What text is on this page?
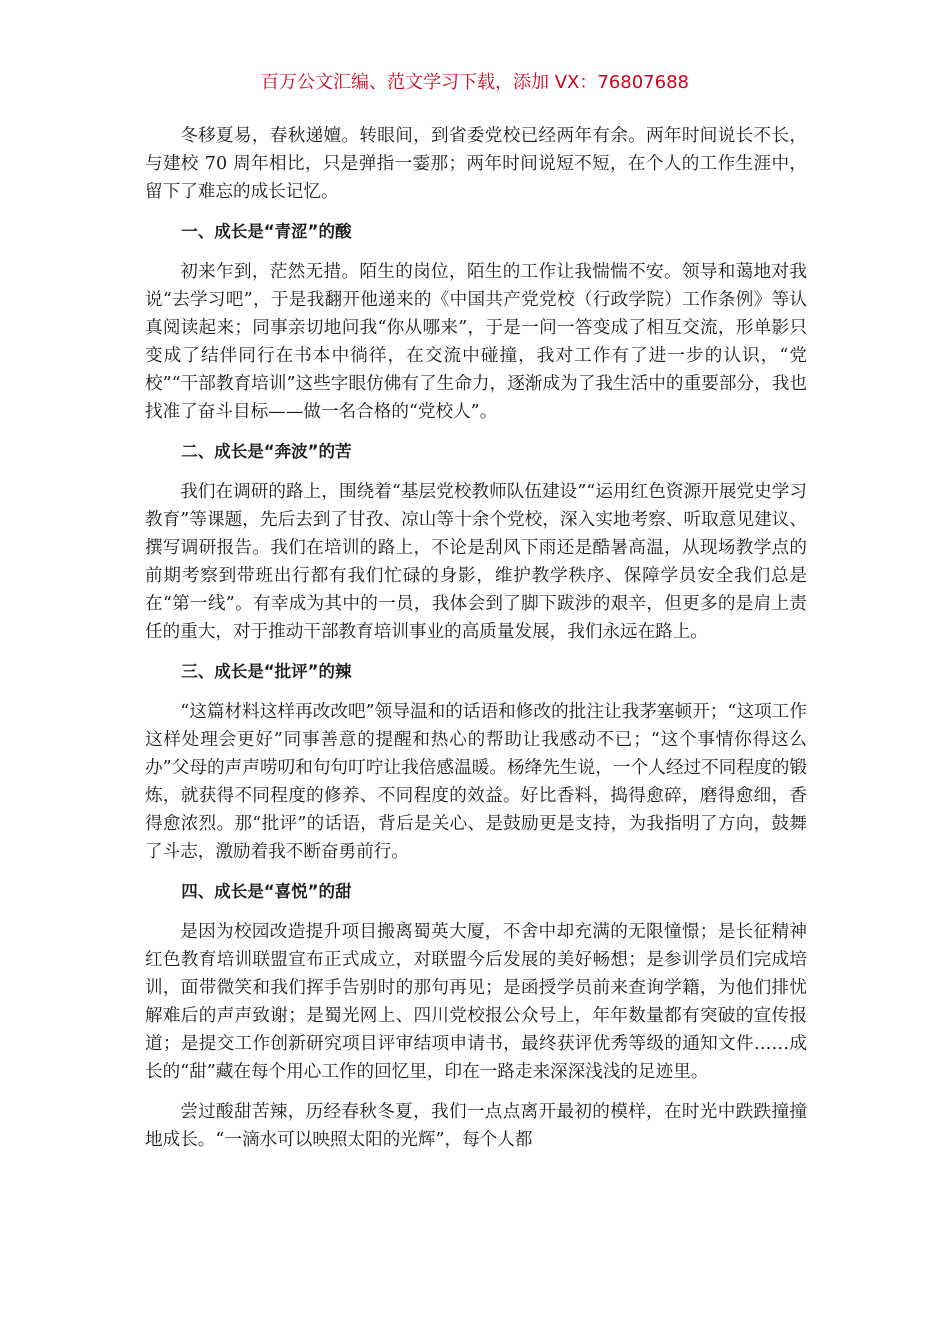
百万公文汇编、范文学习下载，添加 VX：76807688

冬移夏易，春秋递嬗。转眼间，到省委党校已经两年有余。两年时间说长不长，与建校 70 周年相比，只是弹指一霎那；两年时间说短不短，在个人的工作生涯中，留下了难忘的成长记忆。

一、成长是“青涩”的酸

初来乍到，茫然无措。陌生的岗位，陌生的工作让我惴惴不安。领导和蔼地对我说“去学习吧”，于是我翻开他递来的《中国共产党党校（行政学院）工作条例》等认真阅读起来；同事亲切地问我“你从哪来”，于是一问一答变成了相互交流，形单影只变成了结伴同行在书本中徜徉，在交流中碰撞，我对工作有了进一步的认识，“党校”“干部教育培训”这些字眼仿佛有了生命力，逐渐成为了我生活中的重要部分，我也找准了奋斗目标——做一名合格的“党校人”。

二、成长是“奔波”的苦

我们在调研的路上，围绕着“基层党校教师队伍建设”“运用红色资源开展党史学习教育”等课题，先后去到了甘孜、凉山等十余个党校，深入实地考察、听取意见建议、撰写调研报告。我们在培训的路上，不论是刮风下雨还是酷暑高温，从现场教学点的前期考察到带班出行都有我们忙碌的身影，维护教学秩序、保障学员安全我们总是在“第一线”。有幸成为其中的一员，我体会到了脚下跋涉的艰辛，但更多的是肩上责任的重大，对于推动干部教育培训事业的高质量发展，我们永远在路上。

三、成长是“批评”的辣

“这篇材料这样再改改吧”领导温和的话语和修改的批注让我茅塞顿开；“这项工作这样处理会更好”同事善意的提醒和热心的帮助让我感动不已；“这个事情你得这么办”父母的声声唠叨和句句叮咛让我倍感温暖。杨绛先生说，一个人经过不同程度的锻炼，就获得不同程度的修养、不同程度的效益。好比香料，捣得愈碎，磨得愈细，香得愈浓烈。那“批评”的话语，背后是关心、是鼓励更是支持，为我指明了方向，鼓舞了斗志，激励着我不断奋勇前行。

四、成长是“喜悦”的甜

是因为校园改造提升项目搬离蜀英大厦，不舍中却充满的无限憧憬；是长征精神红色教育培训联盟宣布正式成立，对联盟今后发展的美好畅想；是参训学员们完成培训，面带微笑和我们挥手告别时的那句再见；是函授学员前来查询学籍，为他们排忧解难后的声声致谢；是蜀光网上、四川党校报公众号上，年年数量都有突破的宣传报道；是提交工作创新研究项目评审结项申请书，最终获评优秀等级的通知文件……成长的“甜”藏在每个用心工作的回忆里，印在一路走来深深浅浅的足迹里。

尝过酸甜苦辣，历经春秋冬夏，我们一点点离开最初的模样，在时光中跌跌撞撞地成长。“一滴水可以映照太阳的光辉”，每个人都
